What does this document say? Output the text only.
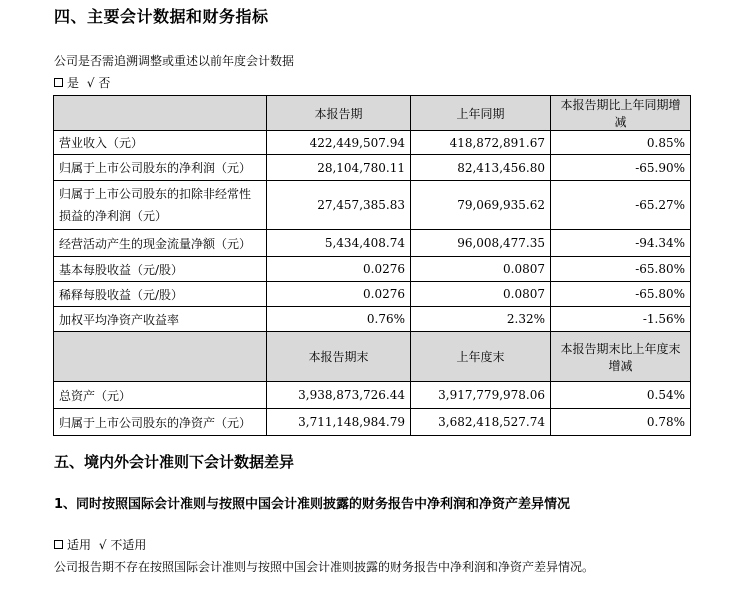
四、主要会计数据和财务指标
公司是否需追溯调整或重述以前年度会计数据
是 √ 否
	本报告期	上年同期	本报告期比上年同期增减
营业收入（元）	422,449,507.94	418,872,891.67	0.85%
归属于上市公司股东的净利润（元）	28,104,780.11	82,413,456.80	-65.90%
归属于上市公司股东的扣除非经常性损益的净利润（元）	27,457,385.83	79,069,935.62	-65.27%
经营活动产生的现金流量净额（元）	5,434,408.74	96,008,477.35	-94.34%
基本每股收益（元/股）	0.0276	0.0807	-65.80%
稀释每股收益（元/股）	0.0276	0.0807	-65.80%
加权平均净资产收益率	0.76%	2.32%	-1.56%
	本报告期末	上年度末	本报告期末比上年度末增减
总资产（元）	3,938,873,726.44	3,917,779,978.06	0.54%
归属于上市公司股东的净资产（元）	3,711,148,984.79	3,682,418,527.74	0.78%
五、境内外会计准则下会计数据差异
1、同时按照国际会计准则与按照中国会计准则披露的财务报告中净利润和净资产差异情况
适用 √ 不适用
公司报告期不存在按照国际会计准则与按照中国会计准则披露的财务报告中净利润和净资产差异情况。
